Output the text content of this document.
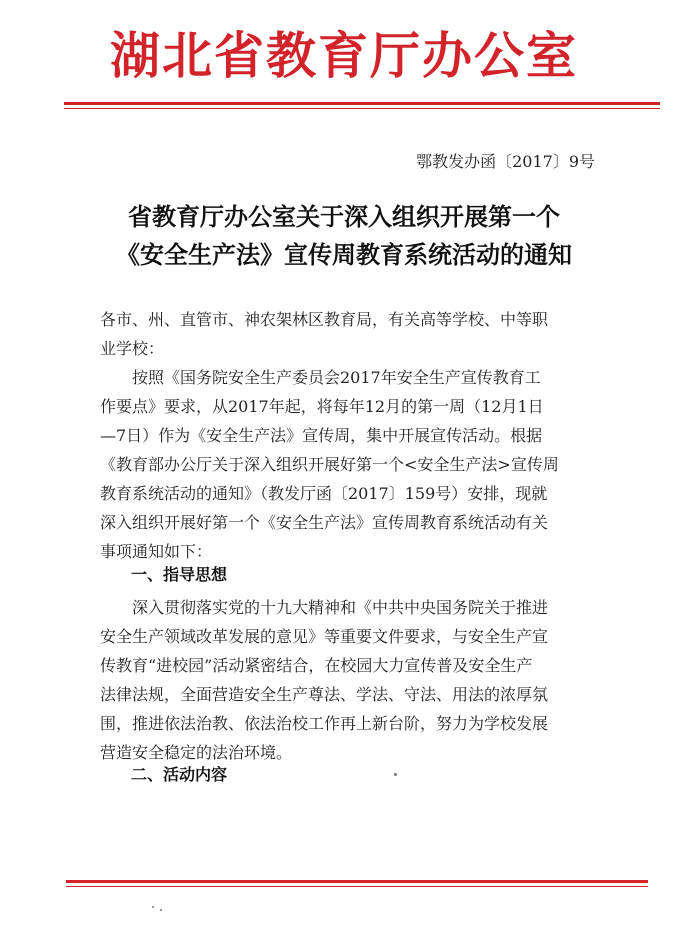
湖北省教育厅办公室
鄂教发办函〔2017〕9号
省教育厅办公室关于深入组织开展第一个
《安全生产法》宣传周教育系统活动的通知
各市、州、直管市、神农架林区教育局，有关高等学校、中等职
业学校：
　　按照《国务院安全生产委员会2017年安全生产宣传教育工
作要点》要求，从2017年起，将每年12月的第一周（12月1日
—7日）作为《安全生产法》宣传周，集中开展宣传活动。根据
《教育部办公厅关于深入组织开展好第一个<安全生产法>宣传周
教育系统活动的通知》（教发厅函〔2017〕159号）安排，现就
深入组织开展好第一个《安全生产法》宣传周教育系统活动有关
事项通知如下：
一、指导思想
　　深入贯彻落实党的十九大精神和《中共中央国务院关于推进
安全生产领域改革发展的意见》等重要文件要求，与安全生产宣
传教育“进校园”活动紧密结合，在校园大力宣传普及安全生产
法律法规，全面营造安全生产尊法、学法、守法、用法的浓厚氛
围，推进依法治教、依法治校工作再上新台阶，努力为学校发展
营造安全稳定的法治环境。
二、活动内容
